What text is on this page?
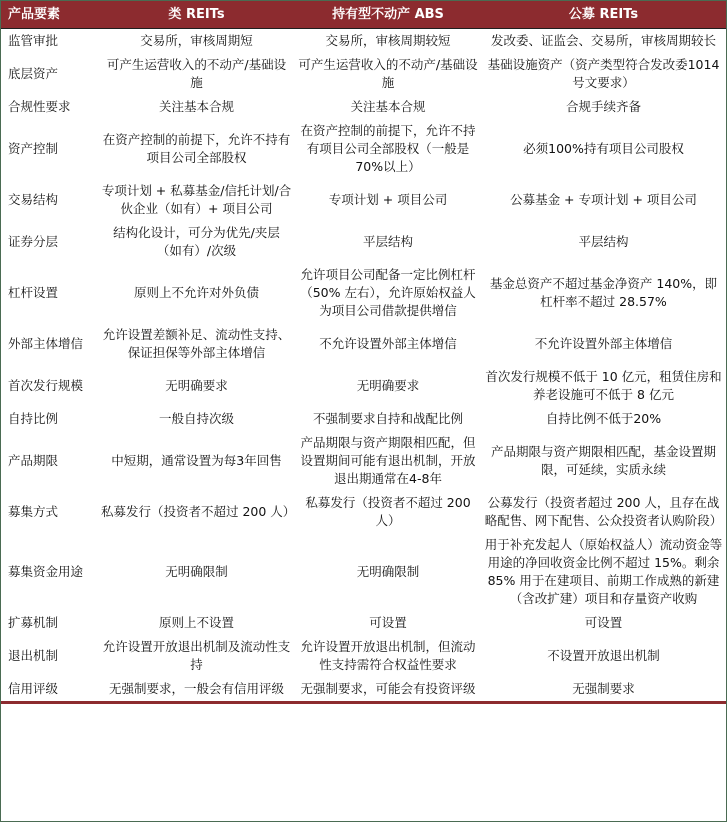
产品要素	类 REITs	持有型不动产 ABS	公募 REITs
监管审批	交易所，审核周期短	交易所，审核周期较短	发改委、证监会、交易所，审核周期较长
底层资产	可产生运营收入的不动产/基础设施	可产生运营收入的不动产/基础设施	基础设施资产（资产类型符合发改委1014号文要求）
合规性要求	关注基本合规	关注基本合规	合规手续齐备
资产控制	在资产控制的前提下，允许不持有项目公司全部股权	在资产控制的前提下，允许不持有项目公司全部股权（一般是70%以上）	必须100%持有项目公司股权
交易结构	专项计划 + 私募基金/信托计划/合伙企业（如有）+ 项目公司	专项计划 + 项目公司	公募基金 + 专项计划 + 项目公司
证券分层	结构化设计，可分为优先/夹层（如有）/次级	平层结构	平层结构
杠杆设置	原则上不允许对外负债	允许项目公司配备一定比例杠杆（50% 左右），允许原始权益人为项目公司借款提供增信	基金总资产不超过基金净资产 140%，即杠杆率不超过 28.57%
外部主体增信	允许设置差额补足、流动性支持、保证担保等外部主体增信	不允许设置外部主体增信	不允许设置外部主体增信
首次发行规模	无明确要求	无明确要求	首次发行规模不低于 10 亿元，租赁住房和养老设施可不低于 8 亿元
自持比例	一般自持次级	不强制要求自持和战配比例	自持比例不低于20%
产品期限	中短期，通常设置为每3年回售	产品期限与资产期限相匹配，但设置期间可能有退出机制，开放退出期通常在4-8年	产品期限与资产期限相匹配，基金设置期限，可延续，实质永续
募集方式	私募发行（投资者不超过 200 人）	私募发行（投资者不超过 200 人）	公募发行（投资者超过 200 人，且存在战略配售、网下配售、公众投资者认购阶段）
募集资金用途	无明确限制	无明确限制	用于补充发起人（原始权益人）流动资金等用途的净回收资金比例不超过 15%。剩余 85% 用于在建项目、前期工作成熟的新建（含改扩建）项目和存量资产收购
扩募机制	原则上不设置	可设置	可设置
退出机制	允许设置开放退出机制及流动性支持	允许设置开放退出机制，但流动性支持需符合权益性要求	不设置开放退出机制
信用评级	无强制要求，一般会有信用评级	无强制要求，可能会有投资评级	无强制要求
